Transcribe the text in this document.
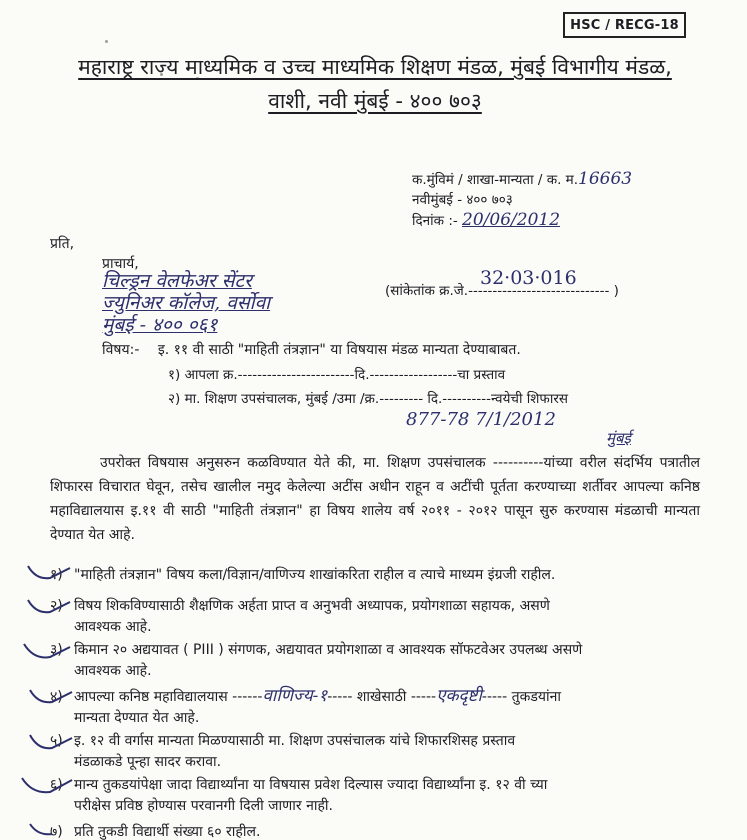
HSC / RECG-18
महाराष्ट्र राज्य माध्यमिक व उच्च माध्यमिक शिक्षण मंडळ, मुंबई विभागीय मंडळ,
वाशी, नवी मुंबई - ४०० ७०३
क.मुंविमं / शाखा-मान्यता / क. म. 16663
नवीमुंबई - ४०० ७०३
दिनांक :-
20/06/2012
प्रति,
प्राचार्य,
चिल्ड्रन वेलफेअर सेंटर
ज्युनिअर कॉलेज, वर्सोवा
मुंबई - ४०० ०६१
(सांकेतांक क्र.जे.----------------------------- )
32·03·016
विषय:- इ. ११ वी साठी "माहिती तंत्रज्ञान" या विषयास मंडळ मान्यता देण्याबाबत.
१) आपला क्र.------------------------दि.------------------चा प्रस्ताव
२) मा. शिक्षण उपसंचालक, मुंबई /उमा /क्र.--------- दि.----------न्वयेची शिफारस
877-78 7/1/2012
मुंबई
उपरोक्त विषयास अनुसरुन कळविण्यात येते की, मा. शिक्षण उपसंचालक ----------यांच्या वरील संदर्भिय पत्रातील शिफारस विचारात घेवून, तसेच खालील नमुद केलेल्या अटींस अधीन राहून व अटींची पूर्तता करण्याच्या शर्तीवर आपल्या कनिष्ठ महाविद्यालयास इ.११ वी साठी "माहिती तंत्रज्ञान" हा विषय शालेय वर्ष २०११ - २०१२ पासून सुरु करण्यास मंडळाची मान्यता देण्यात येत आहे.
१) "माहिती तंत्रज्ञान" विषय कला/विज्ञान/वाणिज्य शाखांकरिता राहील व त्याचे माध्यम इंग्रजी राहील.
२) विषय शिकविण्यासाठी शैक्षणिक अर्हता प्राप्त व अनुभवी अध्यापक, प्रयोगशाळा सहायक, असणे
आवश्यक आहे.
३) किमान २० अद्ययावत ( PIII ) संगणक, अद्ययावत प्रयोगशाळा व आवश्यक सॉफटवेअर उपलब्ध असणे
आवश्यक आहे.
४) आपल्या कनिष्ठ महाविद्यालयास ------वाणिज्य-१----- शाखेसाठी -----एकदृष्टी----- तुकडयांना
मान्यता देण्यात येत आहे.
५) इ. १२ वी वर्गास मान्यता मिळण्यासाठी मा. शिक्षण उपसंचालक यांचे शिफारशिसह प्रस्ताव
मंडळाकडे पून्हा सादर करावा.
६) मान्य तुकडयांपेक्षा जादा विद्यार्थ्यांना या विषयास प्रवेश दिल्यास ज्यादा विद्यार्थ्यांना इ. १२ वी च्या
परीक्षेस प्रविष्ठ होण्यास परवानगी दिली जाणार नाही.
७) प्रति तुकडी विद्यार्थी संख्या ६० राहील.
